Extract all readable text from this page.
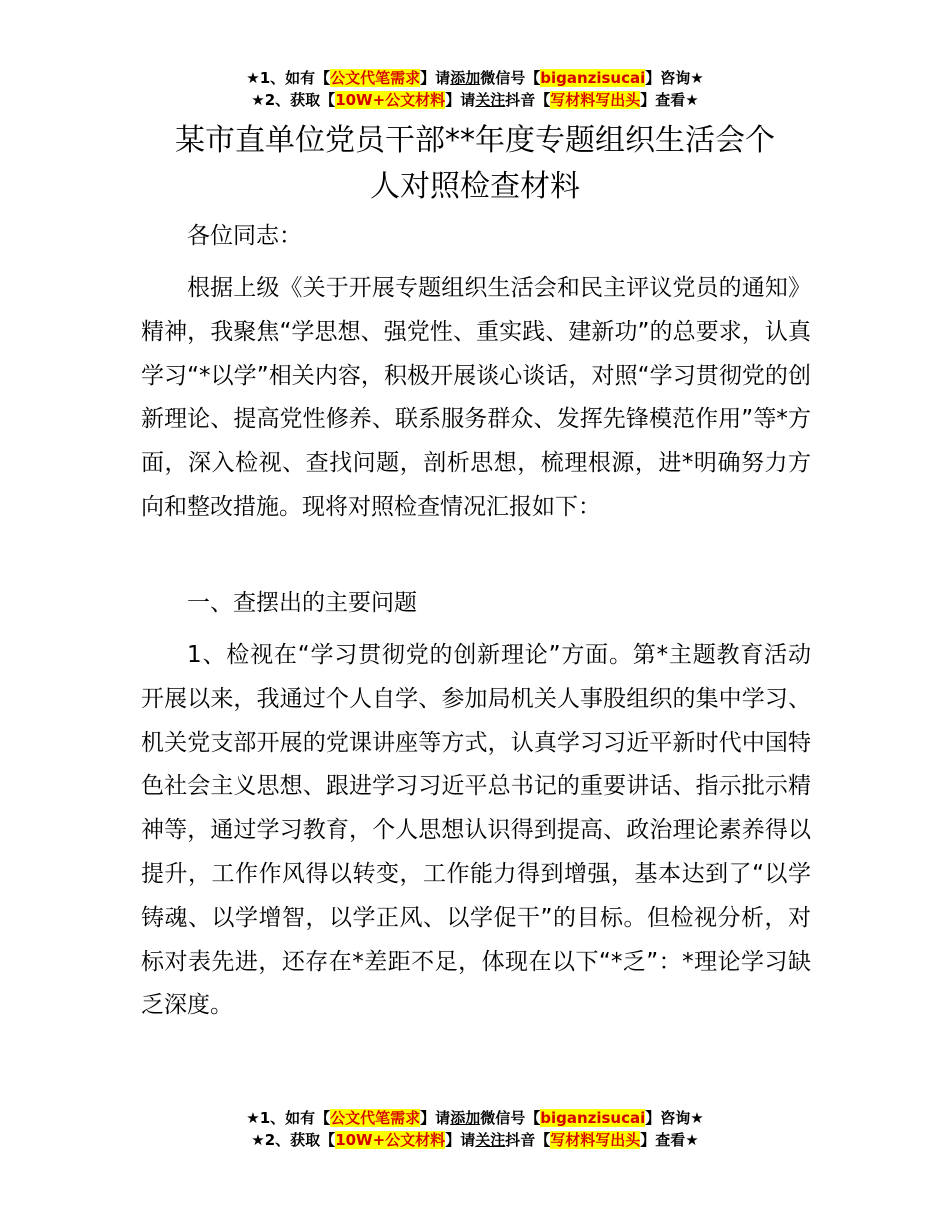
★1、如有【公文代笔需求】请添加微信号【biganzisucai】咨询★
★2、获取【10W+公文材料】请关注抖音【写材料写出头】查看★
某市直单位党员干部**年度专题组织生活会个
人对照检查材料

各位同志：

根据上级《关于开展专题组织生活会和民主评议党员的通知》精神，我聚焦“学思想、强党性、重实践、建新功”的总要求，认真学习“*以学”相关内容，积极开展谈心谈话，对照“学习贯彻党的创新理论、提高党性修养、联系服务群众、发挥先锋模范作用”等*方面，深入检视、查找问题，剖析思想，梳理根源，进*明确努力方向和整改措施。现将对照检查情况汇报如下：

一、查摆出的主要问题

1、检视在“学习贯彻党的创新理论”方面。第*主题教育活动开展以来，我通过个人自学、参加局机关人事股组织的集中学习、机关党支部开展的党课讲座等方式，认真学习习近平新时代中国特色社会主义思想、跟进学习习近平总书记的重要讲话、指示批示精神等，通过学习教育，个人思想认识得到提高、政治理论素养得以提升，工作作风得以转变，工作能力得到增强，基本达到了“以学铸魂、以学增智，以学正风、以学促干”的目标。但检视分析，对标对表先进，还存在*差距不足，体现在以下“*乏”：*理论学习缺乏深度。

★1、如有【公文代笔需求】请添加微信号【biganzisucai】咨询★
★2、获取【10W+公文材料】请关注抖音【写材料写出头】查看★
